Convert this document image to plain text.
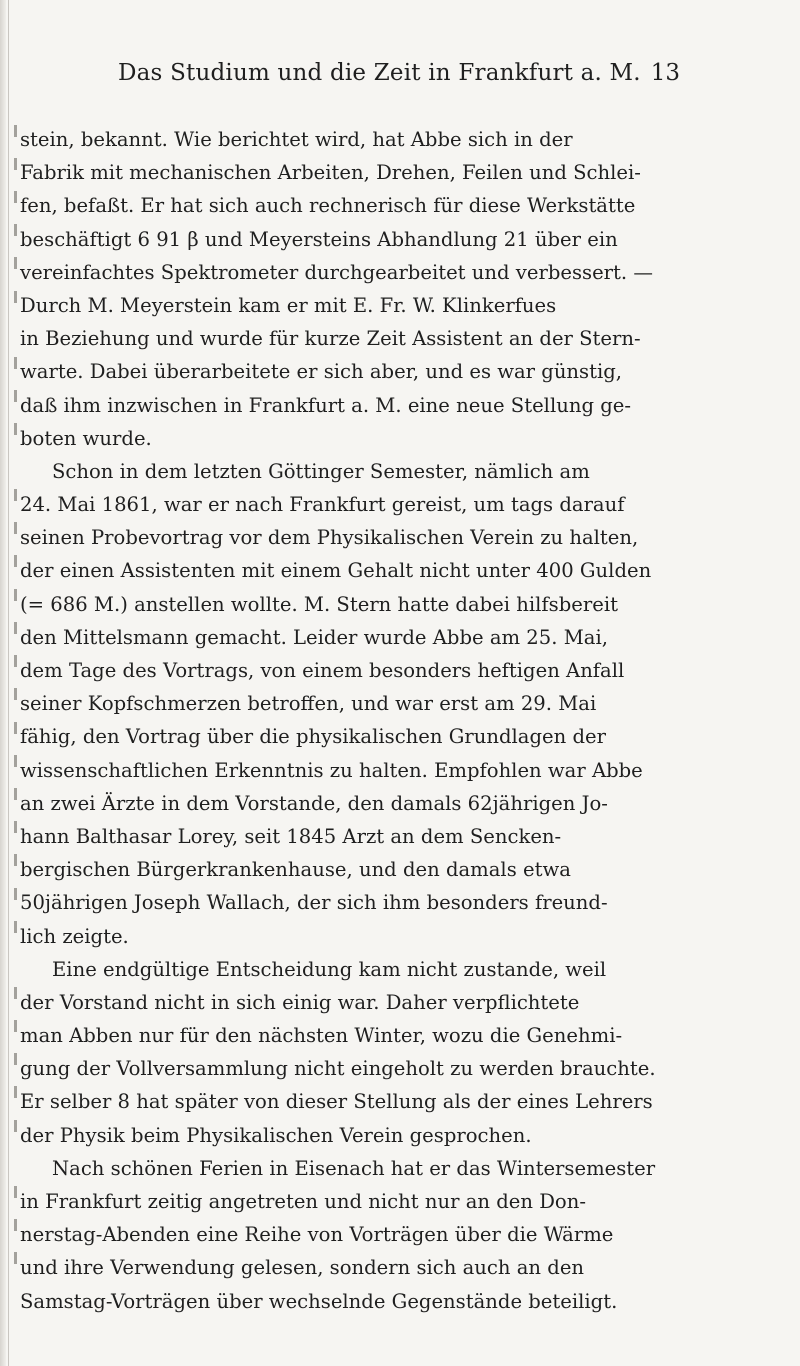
Das Studium und die Zeit in Frankfurt a. M. 13
stein, bekannt. Wie berichtet wird, hat Abbe sich in der
Fabrik mit mechanischen Arbeiten, Drehen, Feilen und Schlei-
fen, befaßt. Er hat sich auch rechnerisch für diese Werkstätte
beschäftigt 6 91 β und Meyersteins Abhandlung 21 über ein
vereinfachtes Spektrometer durchgearbeitet und verbessert. —
Durch M. Meyerstein kam er mit E. Fr. W. Klinkerfues
in Beziehung und wurde für kurze Zeit Assistent an der Stern-
warte. Dabei überarbeitete er sich aber, und es war günstig,
daß ihm inzwischen in Frankfurt a. M. eine neue Stellung ge-
boten wurde.
Schon in dem letzten Göttinger Semester, nämlich am
24. Mai 1861, war er nach Frankfurt gereist, um tags darauf
seinen Probevortrag vor dem Physikalischen Verein zu halten,
der einen Assistenten mit einem Gehalt nicht unter 400 Gulden
(= 686 M.) anstellen wollte. M. Stern hatte dabei hilfsbereit
den Mittelsmann gemacht. Leider wurde Abbe am 25. Mai,
dem Tage des Vortrags, von einem besonders heftigen Anfall
seiner Kopfschmerzen betroffen, und war erst am 29. Mai
fähig, den Vortrag über die physikalischen Grundlagen der
wissenschaftlichen Erkenntnis zu halten. Empfohlen war Abbe
an zwei Ärzte in dem Vorstande, den damals 62jährigen Jo-
hann Balthasar Lorey, seit 1845 Arzt an dem Sencken-
bergischen Bürgerkrankenhause, und den damals etwa
50jährigen Joseph Wallach, der sich ihm besonders freund-
lich zeigte.
Eine endgültige Entscheidung kam nicht zustande, weil
der Vorstand nicht in sich einig war. Daher verpflichtete
man Abben nur für den nächsten Winter, wozu die Genehmi-
gung der Vollversammlung nicht eingeholt zu werden brauchte.
Er selber 8 hat später von dieser Stellung als der eines Lehrers
der Physik beim Physikalischen Verein gesprochen.
Nach schönen Ferien in Eisenach hat er das Wintersemester
in Frankfurt zeitig angetreten und nicht nur an den Don-
nerstag-Abenden eine Reihe von Vorträgen über die Wärme
und ihre Verwendung gelesen, sondern sich auch an den
Samstag-Vorträgen über wechselnde Gegenstände beteiligt.
